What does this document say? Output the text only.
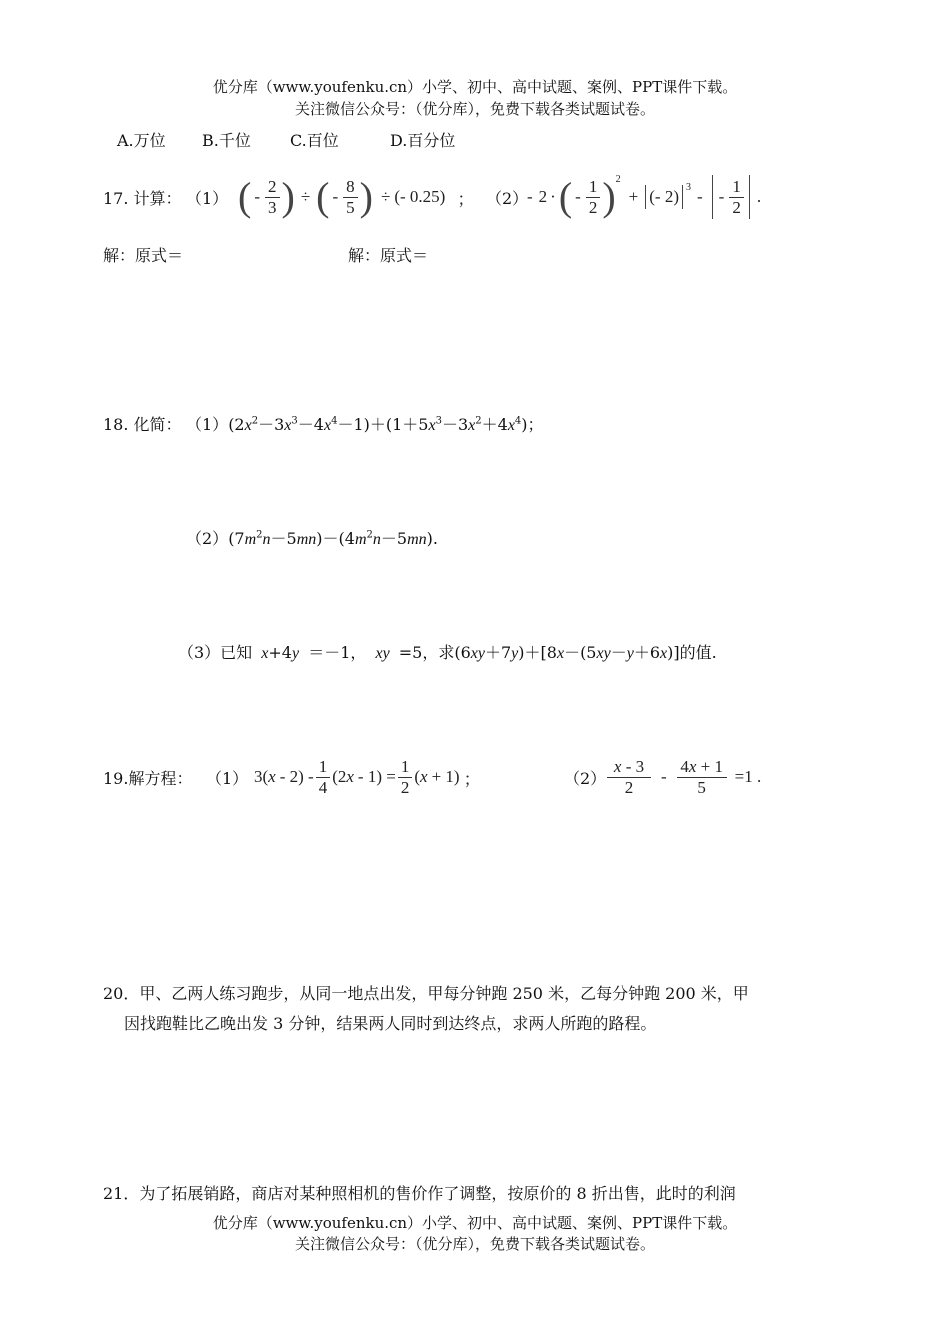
优分库（www.youfenku.cn）小学、初中、高中试题、案例、PPT课件下载。
关注微信公众号：（优分库），免费下载各类试题试卷。
A.万位 B.千位 C.百位	D.百分位
17. 计算： （1） ( - $\frac{2}{3}$ ) ÷ ( - $\frac{8}{5}$ ) ÷ (- 0.25) ； （2）
- 2 · ( - $\frac{1}{2} )^2$
+ (- 2) $^3$ - - $\frac{1}{2}$ .
解：原式＝	解：原式＝
18. 化简： $(1)(2x^2-3x^3-4x^4-1)+(1+5x^3-3x^2+4x^4)$；
$(2)(7m^2n-5mn)-(4m^2n-5mn)$.
（3）已知 x+4y ＝－1， xy =5，求(6xy＋7y)＋[8x－(5xy－y＋6x)]的值.
19.解方程： （1） 3( x - $2) - \frac{1}{4} (2$ $x - 1) = \frac{1}{2}$ ( x + 1) ；	$(2) \frac{x - 3}{2} - \frac{4x + 1}{5} =1$ .
20．甲、乙两人练习跑步，从同一地点出发，甲每分钟跑 250 米，乙每分钟跑 200 米，甲
因找跑鞋比乙晚出发 3 分钟，结果两人同时到达终点，求两人所跑的路程。
21．为了拓展销路，商店对某种照相机的售价作了调整，按原价的 8 折出售，此时的利润
优分库（www.youfenku.cn）小学、初中、高中试题、案例、PPT课件下载。
关注微信公众号：（优分库），免费下载各类试题试卷。
